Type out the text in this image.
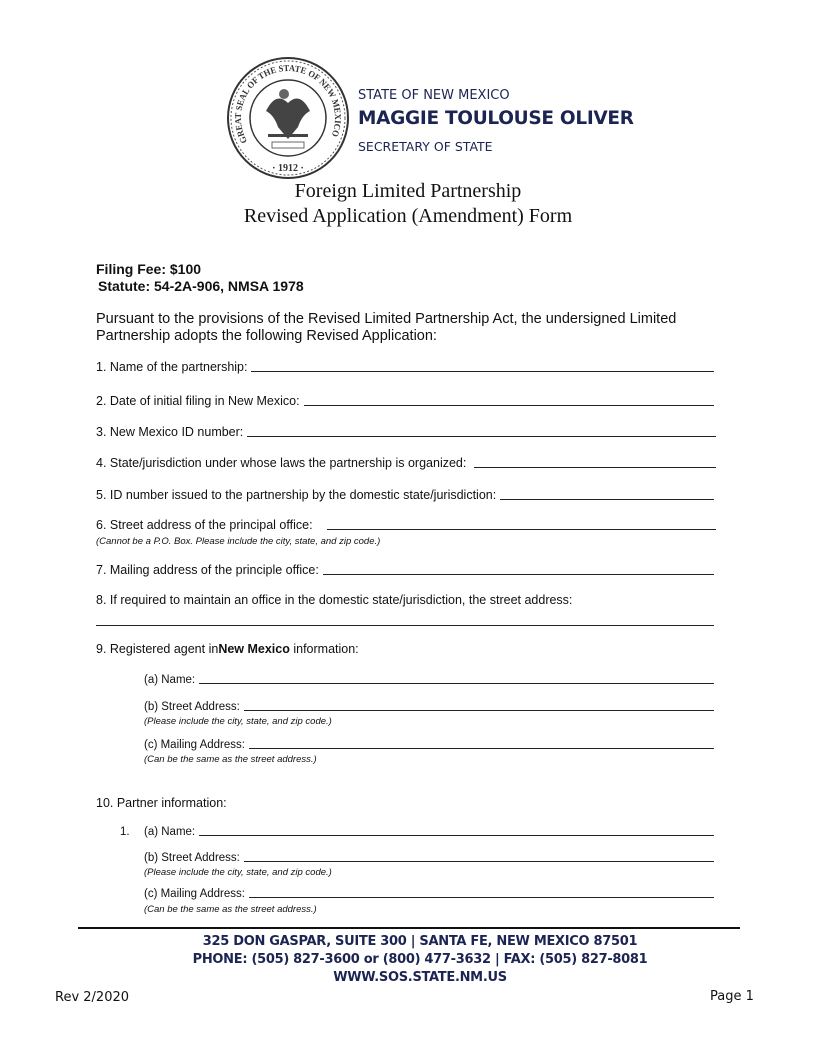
GREAT SEAL OF THE STATE OF NEW MEXICO
· 1912 ·
STATE OF NEW MEXICO
MAGGIE TOULOUSE OLIVER
SECRETARY OF STATE
Foreign Limited Partnership
Revised Application (Amendment) Form
Filing Fee: $100
Statute: 54-2A-906, NMSA 1978
Pursuant to the provisions of the Revised Limited Partnership Act, the undersigned Limited Partnership adopts the following Revised Application:
1. Name of the partnership:
2. Date of initial filing in New Mexico:
3. New Mexico ID number:
4. State/jurisdiction under whose laws the partnership is organized:
5. ID number issued to the partnership by the domestic state/jurisdiction:
6. Street address of the principal office:
(Cannot be a P.O. Box. Please include the city, state, and zip code.)
7. Mailing address of the principle office:
8. If required to maintain an office in the domestic state/jurisdiction, the street address:
9. Registered agent in New Mexico information:
(a) Name:
(b) Street Address:
(Please include the city, state, and zip code.)
(c) Mailing Address:
(Can be the same as the street address.)
10. Partner information:
1. (a) Name:
(b) Street Address:
(Please include the city, state, and zip code.)
(c) Mailing Address:
(Can be the same as the street address.)
325 DON GASPAR, SUITE 300 | SANTA FE, NEW MEXICO 87501
PHONE: (505) 827-3600 or (800) 477-3632 | FAX: (505) 827-8081
WWW.SOS.STATE.NM.US
Rev 2/2020	Page 1
